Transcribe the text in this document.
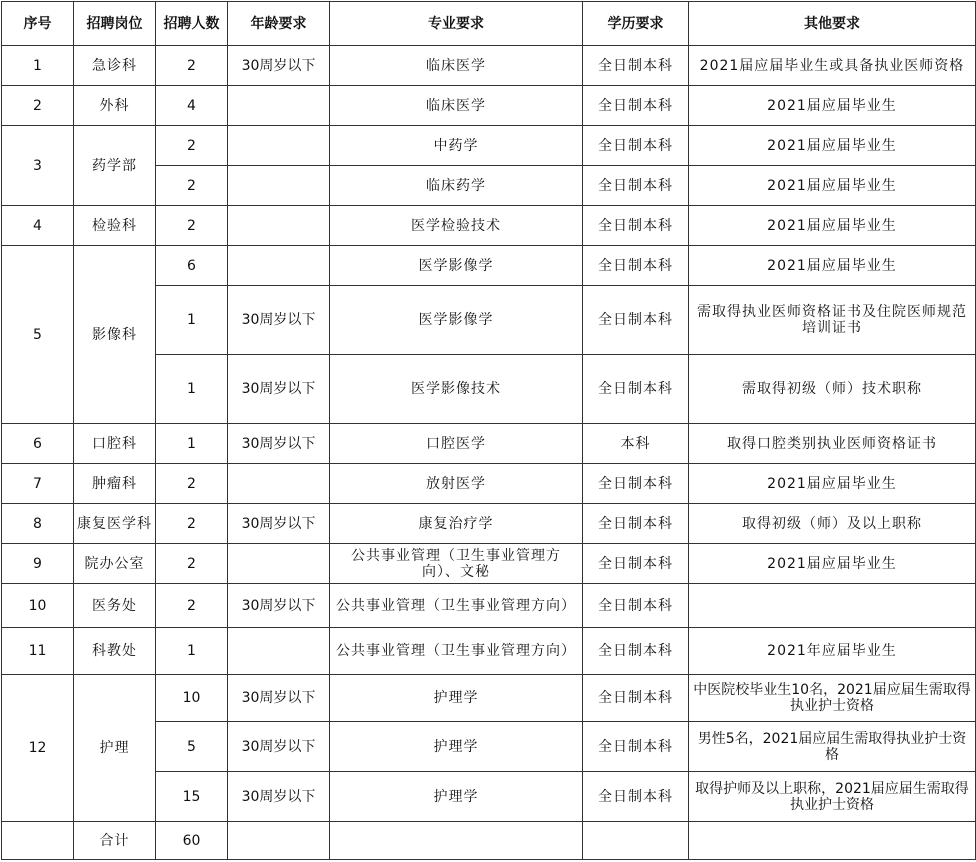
序号	招聘岗位	招聘人数	年龄要求	专业要求	学历要求	其他要求
1	急诊科	2	30周岁以下	临床医学	全日制本科	2021届应届毕业生或具备执业医师资格
2	外科	4		临床医学	全日制本科	2021届应届毕业生
3	药学部	2		中药学	全日制本科	2021届应届毕业生
		2		临床药学	全日制本科	2021届应届毕业生
4	检验科	2		医学检验技术	全日制本科	2021届应届毕业生
5	影像科	6		医学影像学	全日制本科	2021届应届毕业生
		1	30周岁以下	医学影像学	全日制本科	需取得执业医师资格证书及住院医师规范培训证书
		1	30周岁以下	医学影像技术	全日制本科	需取得初级（师）技术职称
6	口腔科	1	30周岁以下	口腔医学	本科	取得口腔类别执业医师资格证书
7	肿瘤科	2		放射医学	全日制本科	2021届应届毕业生
8	康复医学科	2	30周岁以下	康复治疗学	全日制本科	取得初级（师）及以上职称
9	院办公室	2		公共事业管理（卫生事业管理方向）、文秘	全日制本科	2021届应届毕业生
10	医务处	2	30周岁以下	公共事业管理（卫生事业管理方向）	全日制本科	
11	科教处	1		公共事业管理（卫生事业管理方向）	全日制本科	2021年应届毕业生
12	护理	10	30周岁以下	护理学	全日制本科	中医院校毕业生10名，2021届应届生需取得执业护士资格
		5	30周岁以下	护理学	全日制本科	男性5名，2021届应届生需取得执业护士资格
		15	30周岁以下	护理学	全日制本科	取得护师及以上职称，2021届应届生需取得执业护士资格
	合计	60				
